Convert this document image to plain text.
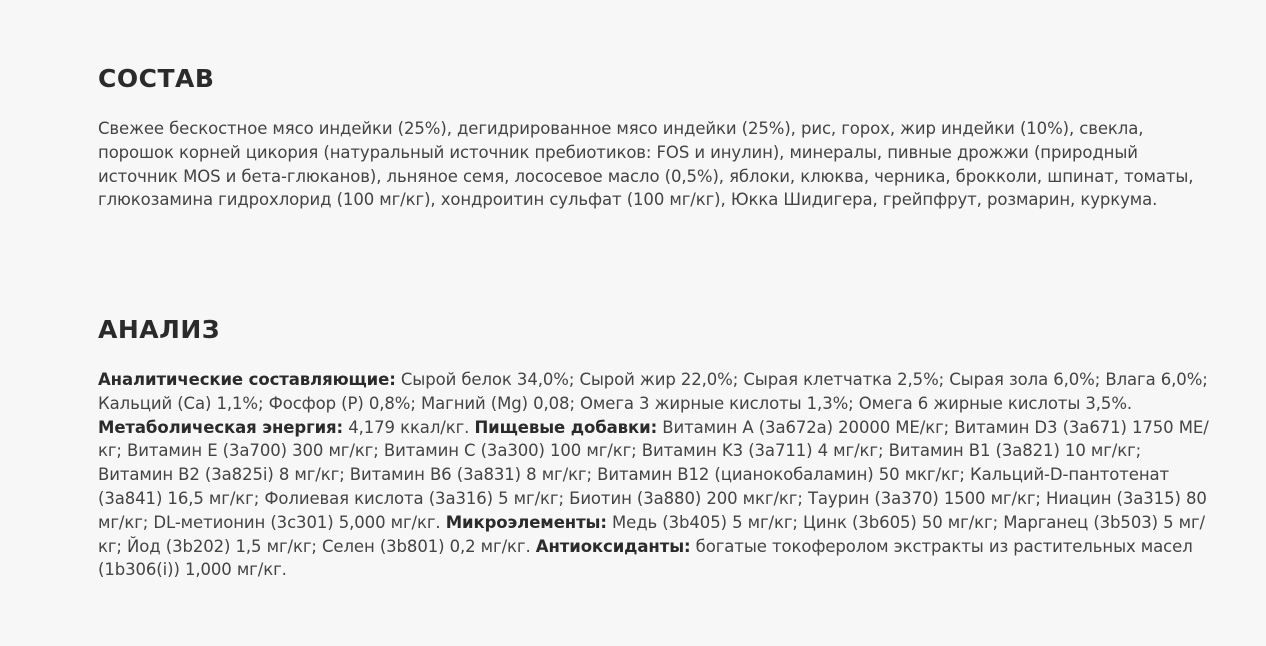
СОСТАВ

Свежее бескостное мясо индейки (25%), дегидрированное мясо индейки (25%), рис, горох, жир индейки (10%), свекла, порошок корней цикория (натуральный источник пребиотиков: FOS и инулин), минералы, пивные дрожжи (природный источник MOS и бета-глюканов), льняное семя, лососевое масло (0,5%), яблоки, клюква, черника, брокколи, шпинат, томаты, глюкозамина гидрохлорид (100 мг/кг), хондроитин сульфат (100 мг/кг), Юкка Шидигера, грейпфрут, розмарин, куркума.

АНАЛИЗ

Аналитические составляющие: Сырой белок 34,0%; Сырой жир 22,0%; Сырая клетчатка 2,5%; Сырая зола 6,0%; Влага 6,0%; Кальций (Ca) 1,1%; Фосфор (P) 0,8%; Магний (Mg) 0,08; Омега 3 жирные кислоты 1,3%; Омега 6 жирные кислоты 3,5%. Метаболическая энергия: 4,179 ккал/кг. Пищевые добавки: Витамин А (3a672a) 20000 МЕ/кг; Витамин D3 (3a671) 1750 МЕ/кг; Витамин Е (3a700) 300 мг/кг; Витамин С (3a300) 100 мг/кг; Витамин K3 (3a711) 4 мг/кг; Витамин В1 (3a821) 10 мг/кг; Витамин В2 (3a825i) 8 мг/кг; Витамин В6 (3a831) 8 мг/кг; Витамин В12 (цианокобаламин) 50 мкг/кг; Кальций-D-пантотенат (3a841) 16,5 мг/кг; Фолиевая кислота (3a316) 5 мг/кг; Биотин (3a880) 200 мкг/кг; Таурин (3a370) 1500 мг/кг; Ниацин (3a315) 80 мг/кг; DL-метионин (3c301) 5,000 мг/кг. Микроэлементы: Медь (3b405) 5 мг/кг; Цинк (3b605) 50 мг/кг; Марганец (3b503) 5 мг/кг; Йод (3b202) 1,5 мг/кг; Селен (3b801) 0,2 мг/кг. Антиоксиданты: богатые токоферолом экстракты из растительных масел (1b306(i)) 1,000 мг/кг.
